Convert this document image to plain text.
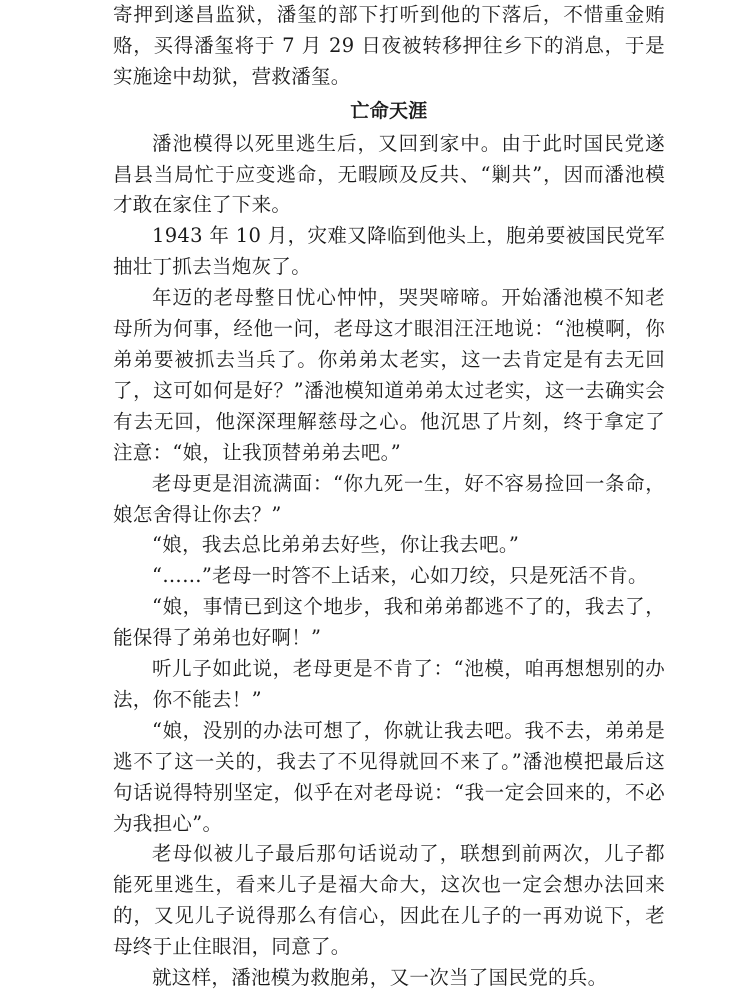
寄押到遂昌监狱，潘玺的部下打听到他的下落后，不惜重金贿赂，买得潘玺将于 7 月 29 日夜被转移押往乡下的消息，于是实施途中劫狱，营救潘玺。

亡命天涯

潘池模得以死里逃生后，又回到家中。由于此时国民党遂昌县当局忙于应变逃命，无暇顾及反共、“剿共”，因而潘池模才敢在家住了下来。

1943 年 10 月，灾难又降临到他头上，胞弟要被国民党军抽壮丁抓去当炮灰了。

年迈的老母整日忧心忡忡，哭哭啼啼。开始潘池模不知老母所为何事，经他一问，老母这才眼泪汪汪地说：“池模啊，你弟弟要被抓去当兵了。你弟弟太老实，这一去肯定是有去无回了，这可如何是好？”潘池模知道弟弟太过老实，这一去确实会有去无回，他深深理解慈母之心。他沉思了片刻，终于拿定了注意：“娘，让我顶替弟弟去吧。”

老母更是泪流满面：“你九死一生，好不容易捡回一条命，娘怎舍得让你去？”

“娘，我去总比弟弟去好些，你让我去吧。”

“……”老母一时答不上话来，心如刀绞，只是死活不肯。

“娘，事情已到这个地步，我和弟弟都逃不了的，我去了，能保得了弟弟也好啊！”

听儿子如此说，老母更是不肯了：“池模，咱再想想别的办法，你不能去！”

“娘，没别的办法可想了，你就让我去吧。我不去，弟弟是逃不了这一关的，我去了不见得就回不来了。”潘池模把最后这句话说得特别坚定，似乎在对老母说：“我一定会回来的，不必为我担心”。

老母似被儿子最后那句话说动了，联想到前两次，儿子都能死里逃生，看来儿子是福大命大，这次也一定会想办法回来的，又见儿子说得那么有信心，因此在儿子的一再劝说下，老母终于止住眼泪，同意了。

就这样，潘池模为救胞弟，又一次当了国民党的兵。
